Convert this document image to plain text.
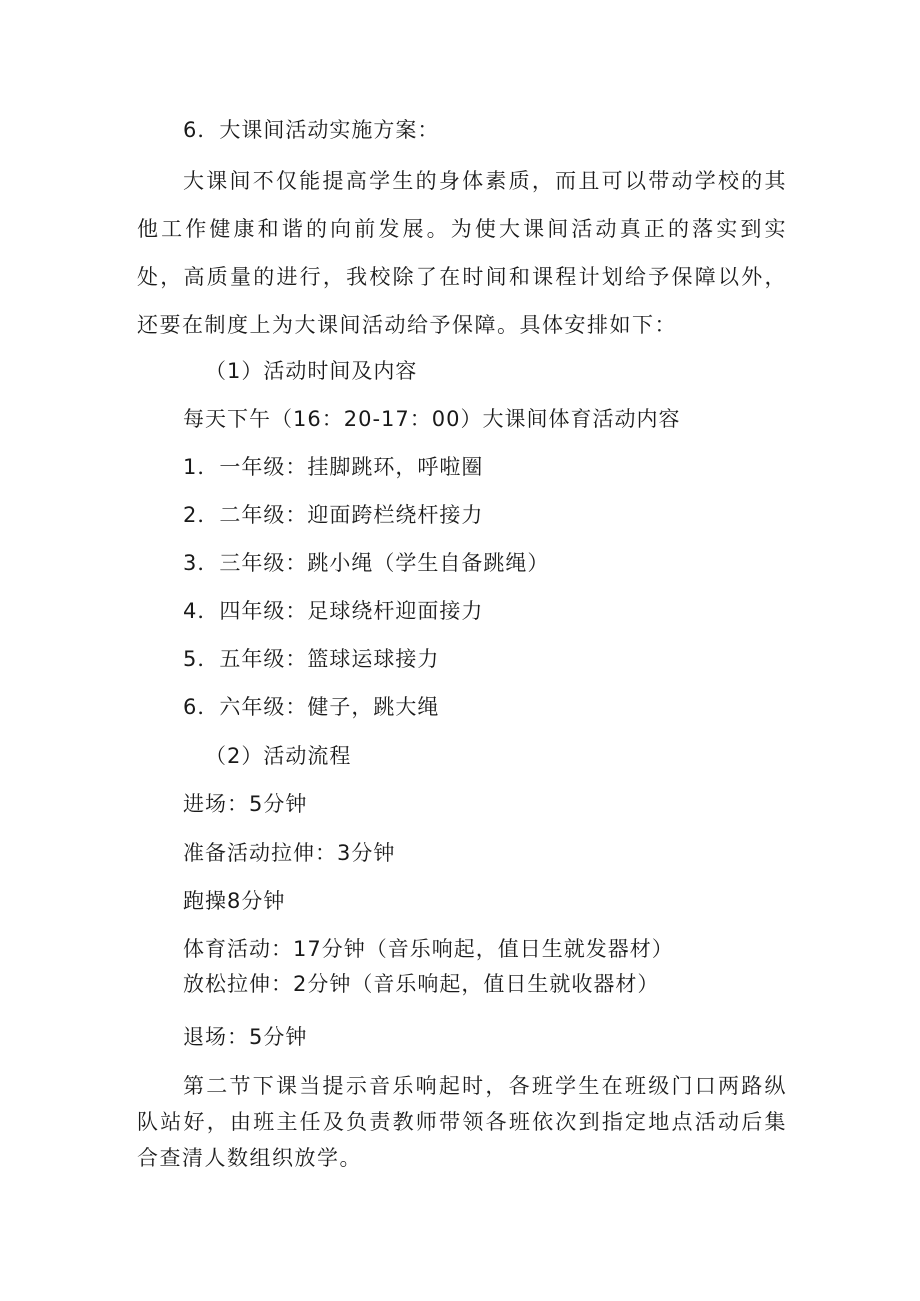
6．大课间活动实施方案：
大课间不仅能提高学生的身体素质，而且可以带动学校的其他工作健康和谐的向前发展。为使大课间活动真正的落实到实处，高质量的进行，我校除了在时间和课程计划给予保障以外，还要在制度上为大课间活动给予保障。具体安排如下：
（1）活动时间及内容
每天下午（16：20-17：00）大课间体育活动内容
1．一年级：挂脚跳环，呼啦圈
2．二年级：迎面跨栏绕杆接力
3．三年级：跳小绳（学生自备跳绳）
4．四年级：足球绕杆迎面接力
5．五年级：篮球运球接力
6．六年级：健子，跳大绳
（2）活动流程
进场：5分钟
准备活动拉伸：3分钟
跑操8分钟
体育活动：17分钟（音乐响起，值日生就发器材）
放松拉伸：2分钟（音乐响起，值日生就收器材）
退场：5分钟
第二节下课当提示音乐响起时，各班学生在班级门口两路纵队站好，由班主任及负责教师带领各班依次到指定地点活动后集合查清人数组织放学。
